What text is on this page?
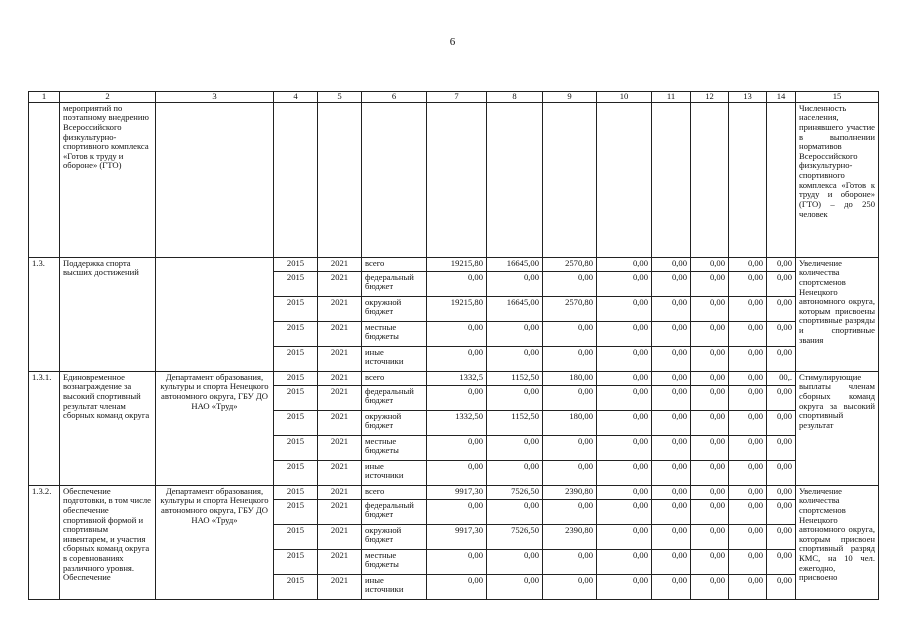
6
1	2	3	4	5	6	7	8	9	10	11	12	13	14	15
	мероприятий по поэтапному внедрению Всероссийского физкультурно-спортивного комплекса «Готов к труду и обороне» (ГТО)													Численность населения, принявшего участие в выполнении нормативов Всероссийского физкультурно-спортивного комплекса «Готов к труду и обороне» (ГТО) – до 250 человек
1.3.	Поддержка спорта высших достижений		2015	2021	всего	19215,80	16645,00	2570,80	0,00	0,00	0,00	0,00	0,00	Увеличение количества спортсменов Ненецкого автономного округа, которым присвоены спортивные разряды и спортивные звания
			2015	2021	федеральный бюджет	0,00	0,00	0,00	0,00	0,00	0,00	0,00	0,00	
			2015	2021	окружной бюджет	19215,80	16645,00	2570,80	0,00	0,00	0,00	0,00	0,00	
			2015	2021	местные бюджеты	0,00	0,00	0,00	0,00	0,00	0,00	0,00	0,00	
			2015	2021	иные источники	0,00	0,00	0,00	0,00	0,00	0,00	0,00	0,00	
1.3.1.	Единовременное вознаграждение за высокий спортивный результат членам сборных команд округа	Департамент образования, культуры и спорта Ненецкого автономного округа, ГБУ ДО НАО «Труд»	2015	2021	всего	1332,5	1152,50	180,00	0,00	0,00	0,00	0,00	00,.	Стимулирующие выплаты членам сборных команд округа за высокий спортивный результат
			2015	2021	федеральный бюджет	0,00	0,00	0,00	0,00	0,00	0,00	0,00	0,00	
			2015	2021	окружной бюджет	1332,50	1152,50	180,00	0,00	0,00	0,00	0,00	0,00	
			2015	2021	местные бюджеты	0,00	0,00	0,00	0,00	0,00	0,00	0,00	0,00	
			2015	2021	иные источники	0,00	0,00	0,00	0,00	0,00	0,00	0,00	0,00	
1.3.2.	Обеспечение подготовки, в том числе обеспечение спортивной формой и спортивным инвентарем, и участия сборных команд округа в соревнованиях различного уровня. Обеспечение	Департамент образования, культуры и спорта Ненецкого автономного округа, ГБУ ДО НАО «Труд»	2015	2021	всего	9917,30	7526,50	2390,80	0,00	0,00	0,00	0,00	0,00	Увеличение количества спортсменов Ненецкого автономного округа, которым присвоен спортивный разряд КМС, на 10 чел. ежегодно, присвоено
			2015	2021	федеральный бюджет	0,00	0,00	0,00	0,00	0,00	0,00	0,00	0,00	
			2015	2021	окружной бюджет	9917,30	7526,50	2390,80	0,00	0,00	0,00	0,00	0,00	
			2015	2021	местные бюджеты	0,00	0,00	0,00	0,00	0,00	0,00	0,00	0,00	
			2015	2021	иные источники	0,00	0,00	0,00	0,00	0,00	0,00	0,00	0,00	
